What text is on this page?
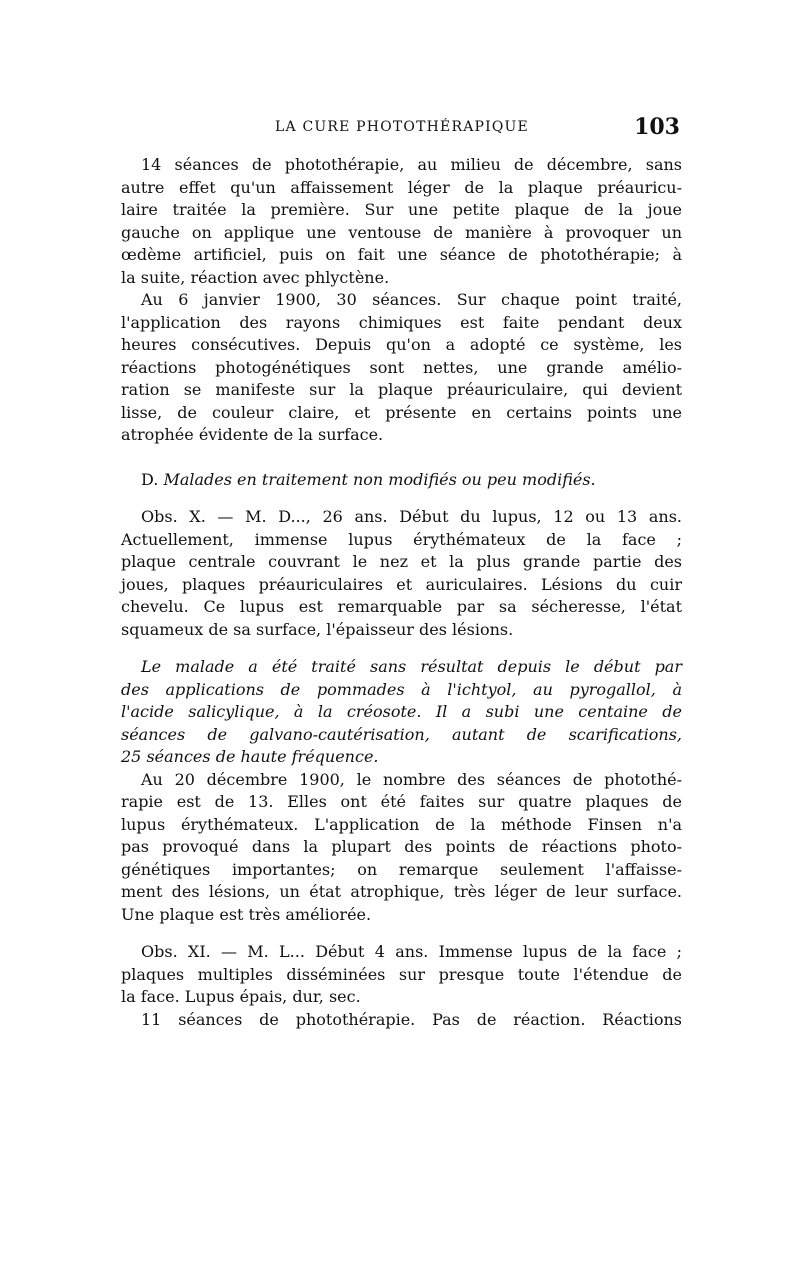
LA CURE PHOTOTHÉRAPIQUE	103
14 séances de photothérapie, au milieu de décembre, sans
autre effet qu'un affaissement léger de la plaque préauricu-
laire traitée la première. Sur une petite plaque de la joue
gauche on applique une ventouse de manière à provoquer un
œdème artificiel, puis on fait une séance de photothérapie; à
la suite, réaction avec phlyctène.
Au 6 janvier 1900, 30 séances. Sur chaque point traité,
l'application des rayons chimiques est faite pendant deux
heures consécutives. Depuis qu'on a adopté ce système, les
réactions photogénétiques sont nettes, une grande amélio-
ration se manifeste sur la plaque préauriculaire, qui devient
lisse, de couleur claire, et présente en certains points une
atrophée évidente de la surface.
D. Malades en traitement non modifiés ou peu modifiés.
Obs. X. — M. D..., 26 ans. Début du lupus, 12 ou 13 ans.
Actuellement, immense lupus érythémateux de la face ;
plaque centrale couvrant le nez et la plus grande partie des
joues, plaques préauriculaires et auriculaires. Lésions du cuir
chevelu. Ce lupus est remarquable par sa sécheresse, l'état
squameux de sa surface, l'épaisseur des lésions.
Le malade a été traité sans résultat depuis le début par
des applications de pommades à l'ichtyol, au pyrogallol, à
l'acide salicylique, à la créosote. Il a subi une centaine de
séances de galvano-cautérisation, autant de scarifications,
25 séances de haute fréquence.
Au 20 décembre 1900, le nombre des séances de photothé-
rapie est de 13. Elles ont été faites sur quatre plaques de
lupus érythémateux. L'application de la méthode Finsen n'a
pas provoqué dans la plupart des points de réactions photo-
génétiques importantes; on remarque seulement l'affaisse-
ment des lésions, un état atrophique, très léger de leur surface.
Une plaque est très améliorée.
Obs. XI. — M. L... Début 4 ans. Immense lupus de la face ;
plaques multiples disséminées sur presque toute l'étendue de
la face. Lupus épais, dur, sec.
11 séances de photothérapie. Pas de réaction. Réactions
